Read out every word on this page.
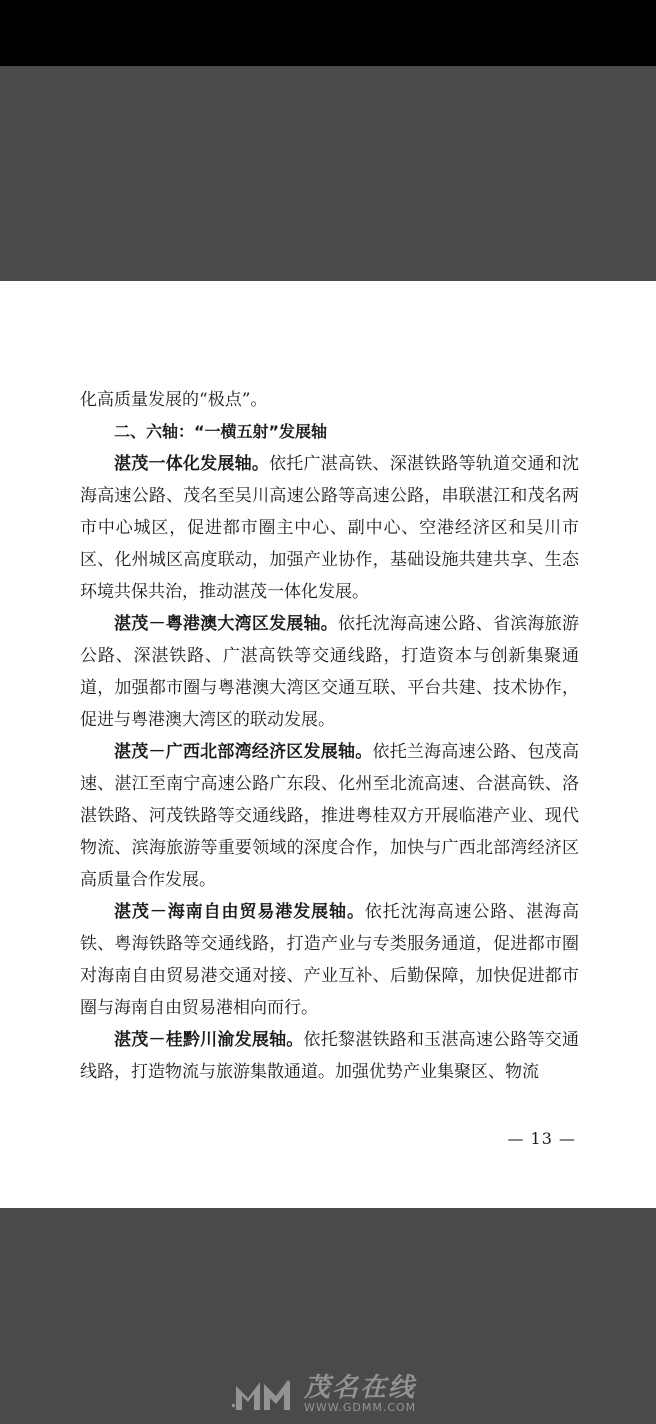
化高质量发展的“极点”。

二、六轴：“一横五射”发展轴

湛茂一体化发展轴。依托广湛高铁、深湛铁路等轨道交通和沈海高速公路、茂名至吴川高速公路等高速公路，串联湛江和茂名两市中心城区，促进都市圈主中心、副中心、空港经济区和吴川市区、化州城区高度联动，加强产业协作，基础设施共建共享、生态环境共保共治，推动湛茂一体化发展。

湛茂－粤港澳大湾区发展轴。依托沈海高速公路、省滨海旅游公路、深湛铁路、广湛高铁等交通线路，打造资本与创新集聚通道，加强都市圈与粤港澳大湾区交通互联、平台共建、技术协作，促进与粤港澳大湾区的联动发展。

湛茂－广西北部湾经济区发展轴。依托兰海高速公路、包茂高速、湛江至南宁高速公路广东段、化州至北流高速、合湛高铁、洛湛铁路、河茂铁路等交通线路，推进粤桂双方开展临港产业、现代物流、滨海旅游等重要领域的深度合作，加快与广西北部湾经济区高质量合作发展。

湛茂－海南自由贸易港发展轴。依托沈海高速公路、湛海高铁、粤海铁路等交通线路，打造产业与专类服务通道，促进都市圈对海南自由贸易港交通对接、产业互补、后勤保障，加快促进都市圈与海南自由贸易港相向而行。

湛茂－桂黔川渝发展轴。依托黎湛铁路和玉湛高速公路等交通线路，打造物流与旅游集散通道。加强优势产业集聚区、物流

— 13 —
茂名在线
WWW.GDMM.COM
